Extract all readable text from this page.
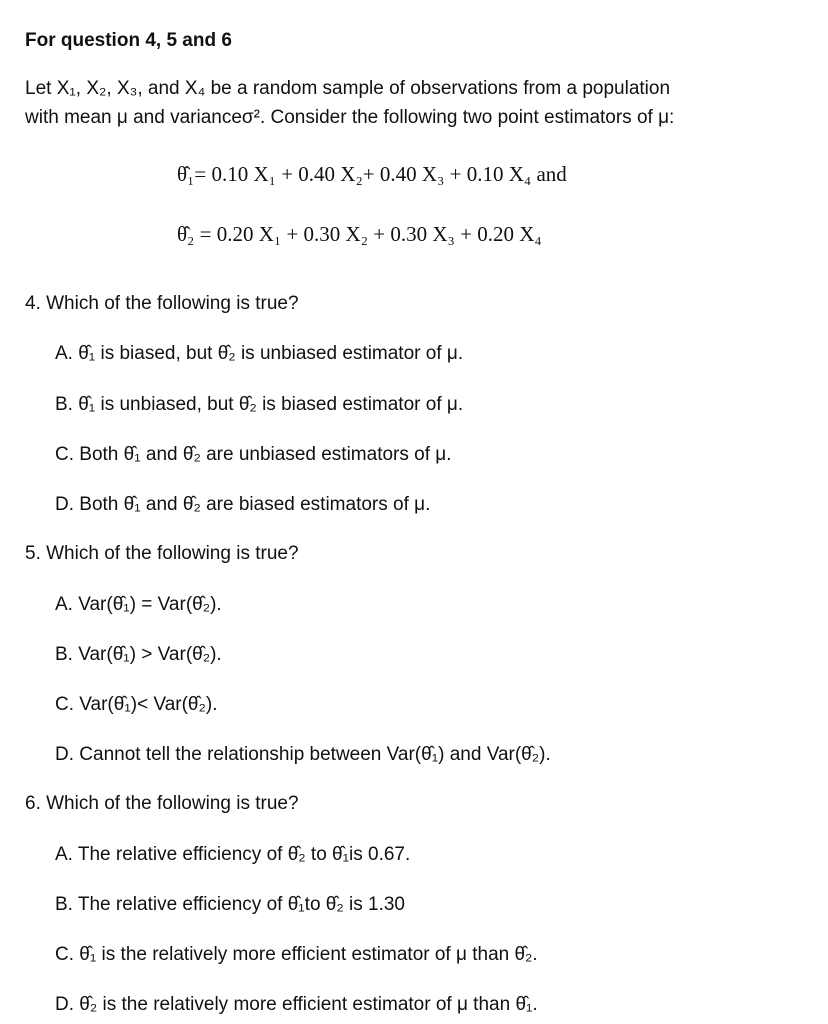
For question 4, 5 and 6
Let X₁, X₂, X₃, and X₄ be a random sample of observations from a population
with mean μ and varianceσ². Consider the following two point estimators of μ:
θ̂₁= 0.10 X₁ + 0.40 X₂+ 0.40 X₃ + 0.10 X₄ and
θ̂₂ = 0.20 X₁ + 0.30 X₂ + 0.30 X₃ + 0.20 X₄
4. Which of the following is true?
A. θ̂₁ is biased, but θ̂₂ is unbiased estimator of μ.
B. θ̂₁ is unbiased, but θ̂₂ is biased estimator of μ.
C. Both θ̂₁ and θ̂₂ are unbiased estimators of μ.
D. Both θ̂₁ and θ̂₂ are biased estimators of μ.
5. Which of the following is true?
A. Var(θ̂₁) = Var(θ̂₂).
B. Var(θ̂₁) > Var(θ̂₂).
C. Var(θ̂₁)< Var(θ̂₂).
D. Cannot tell the relationship between Var(θ̂₁) and Var(θ̂₂).
6. Which of the following is true?
A. The relative efficiency of θ̂₂ to θ̂₁is 0.67.
B. The relative efficiency of θ̂₁to θ̂₂ is 1.30
C. θ̂₁ is the relatively more efficient estimator of μ than θ̂₂.
D. θ̂₂ is the relatively more efficient estimator of μ than θ̂₁.
